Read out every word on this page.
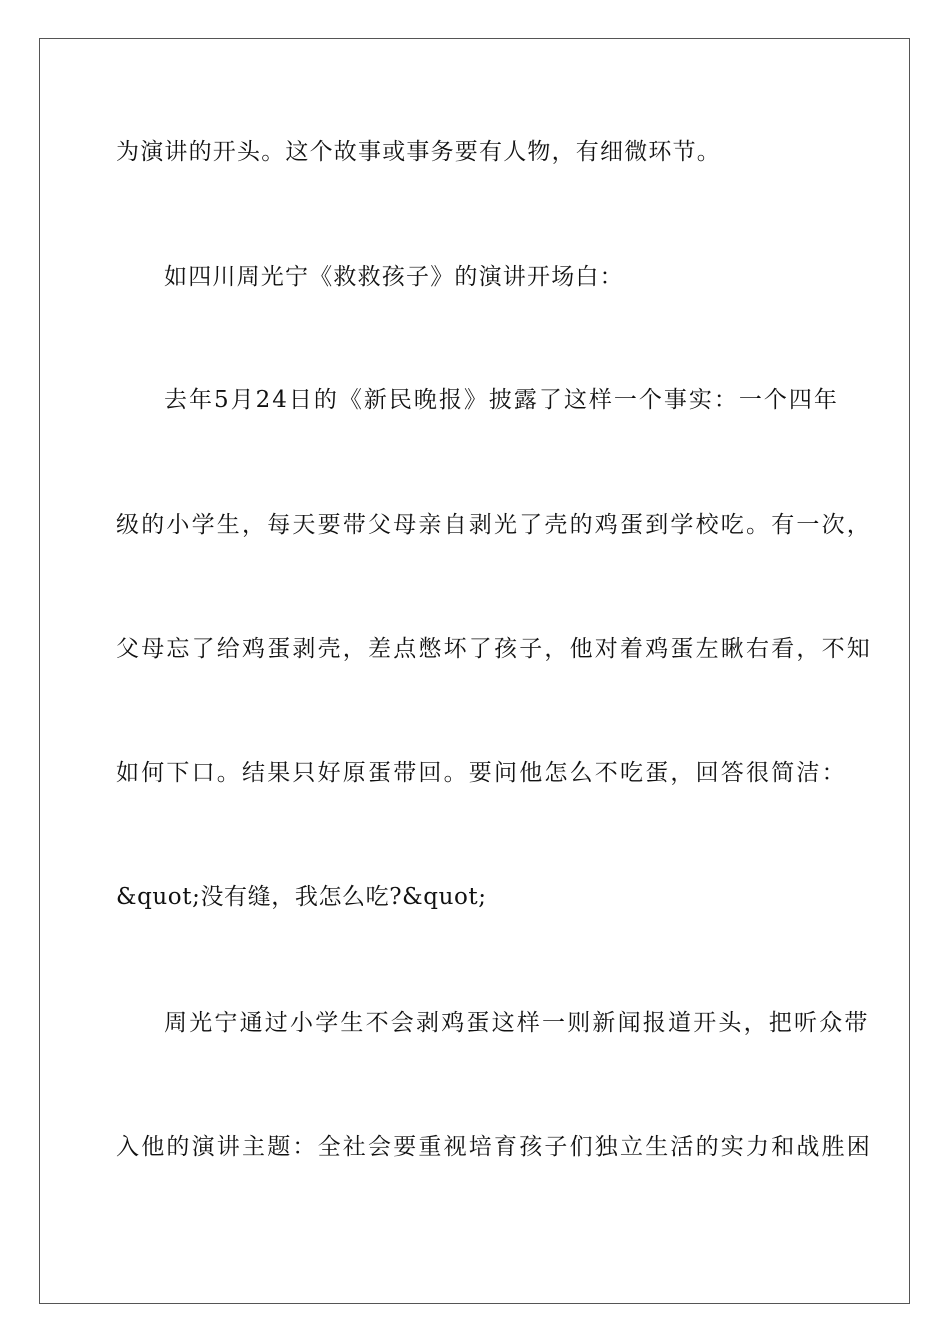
为演讲的开头。这个故事或事务要有人物，有细微环节。
如四川周光宁《救救孩子》的演讲开场白：
去年5月24日的《新民晚报》披露了这样一个事实：一个四年
级的小学生，每天要带父母亲自剥光了壳的鸡蛋到学校吃。有一次，
父母忘了给鸡蛋剥壳，差点憋坏了孩子，他对着鸡蛋左瞅右看，不知
如何下口。结果只好原蛋带回。要问他怎么不吃蛋，回答很简洁：
&quot;没有缝，我怎么吃?&quot;
周光宁通过小学生不会剥鸡蛋这样一则新闻报道开头，把听众带
入他的演讲主题：全社会要重视培育孩子们独立生活的实力和战胜困
